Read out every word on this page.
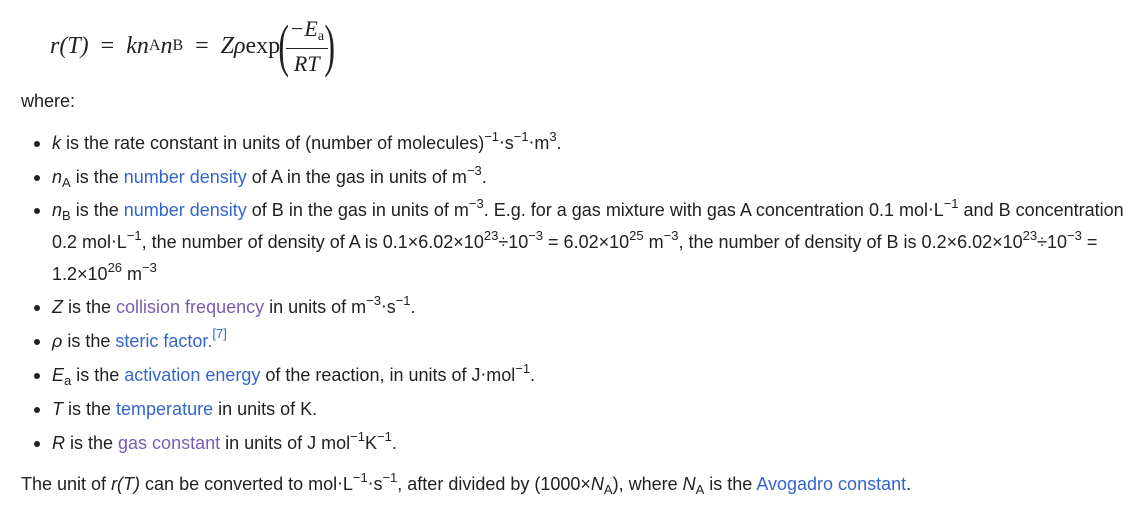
r(T) = kn A n B = Zρ exp
(
$\frac{-E_a}{RT}$
)
where:
k is the rate constant in units of (number of $molecules)^{-1}\cdot s^{-1}\cdot m^3$.
$n_A$ is the number density of A in the gas in units of $m^{-3}$.
$n_B$ is the number density of B in the gas in units of $m^{-3}$. E.g. for a gas mixture with gas A concentration 0.1 $mol\cdot L^{-1}$ and B concentration 0.2 $mol\cdot L^{-1}$, the number of density of A is $0.1\times 6.02\times 10^{23}\div 10^{-3} = 6.02\times 10^{25}$ $m^{-3}$, the number of density of B is $0.2\times 6.02\times 10^{23}\div 10^{-3} = 1.2\times 10^{26}$ $m^{-3}$
Z is the collision frequency in units of $m^{-3}\cdot s^{-1}$.
ρ is the steric factor.[7]
$E_a$ is the activation energy of the reaction, in units of J⋅mol$^{-1}$.
T is the temperature in units of K.
R is the gas constant in units of J $mol^{-1}K^{-1}$.
The unit of r(T) can be converted to $mol\cdot L^{-1}\cdot s^{-1}$, after divided by $(1000\times N_A)$, where $N_A$ is the Avogadro constant.
